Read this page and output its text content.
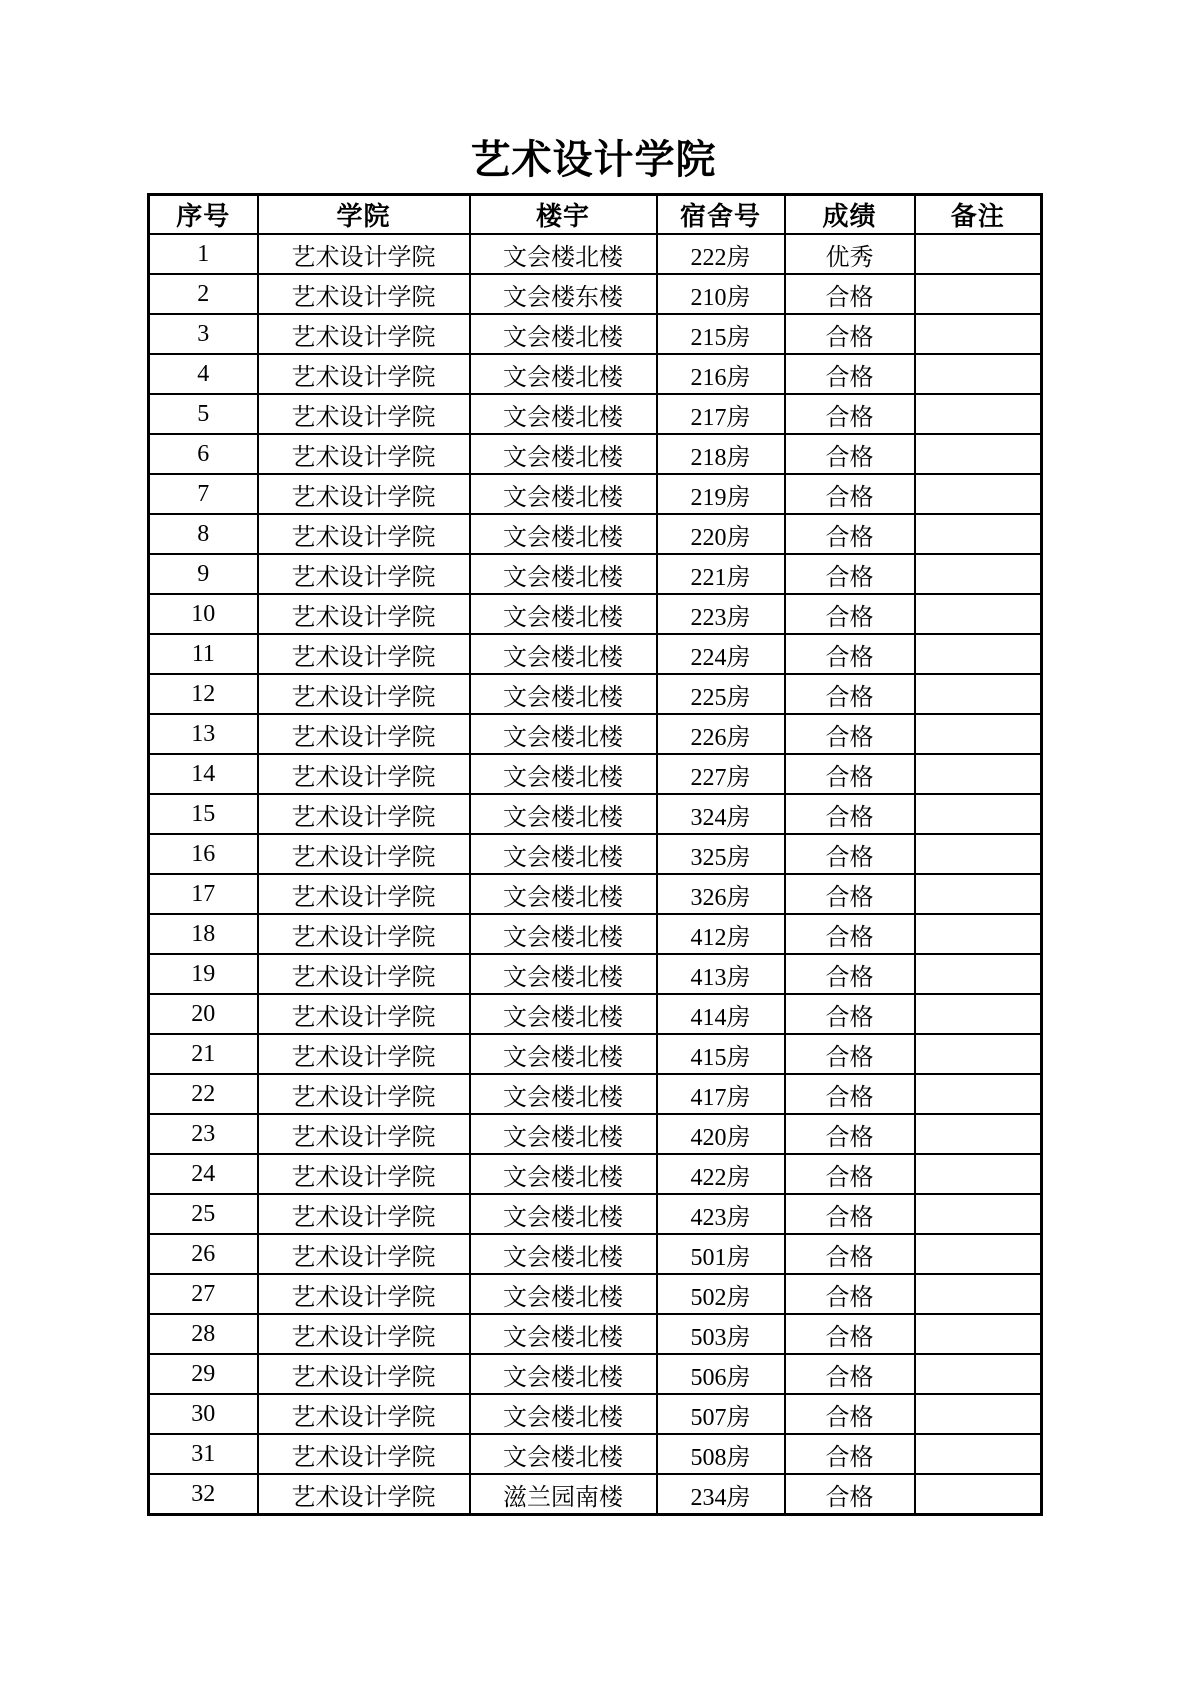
艺术设计学院
序号	学院	楼宇	宿舍号	成绩	备注
1	艺术设计学院	文会楼北楼	222房	优秀	
2	艺术设计学院	文会楼东楼	210房	合格	
3	艺术设计学院	文会楼北楼	215房	合格	
4	艺术设计学院	文会楼北楼	216房	合格	
5	艺术设计学院	文会楼北楼	217房	合格	
6	艺术设计学院	文会楼北楼	218房	合格	
7	艺术设计学院	文会楼北楼	219房	合格	
8	艺术设计学院	文会楼北楼	220房	合格	
9	艺术设计学院	文会楼北楼	221房	合格	
10	艺术设计学院	文会楼北楼	223房	合格	
11	艺术设计学院	文会楼北楼	224房	合格	
12	艺术设计学院	文会楼北楼	225房	合格	
13	艺术设计学院	文会楼北楼	226房	合格	
14	艺术设计学院	文会楼北楼	227房	合格	
15	艺术设计学院	文会楼北楼	324房	合格	
16	艺术设计学院	文会楼北楼	325房	合格	
17	艺术设计学院	文会楼北楼	326房	合格	
18	艺术设计学院	文会楼北楼	412房	合格	
19	艺术设计学院	文会楼北楼	413房	合格	
20	艺术设计学院	文会楼北楼	414房	合格	
21	艺术设计学院	文会楼北楼	415房	合格	
22	艺术设计学院	文会楼北楼	417房	合格	
23	艺术设计学院	文会楼北楼	420房	合格	
24	艺术设计学院	文会楼北楼	422房	合格	
25	艺术设计学院	文会楼北楼	423房	合格	
26	艺术设计学院	文会楼北楼	501房	合格	
27	艺术设计学院	文会楼北楼	502房	合格	
28	艺术设计学院	文会楼北楼	503房	合格	
29	艺术设计学院	文会楼北楼	506房	合格	
30	艺术设计学院	文会楼北楼	507房	合格	
31	艺术设计学院	文会楼北楼	508房	合格	
32	艺术设计学院	滋兰园南楼	234房	合格	
